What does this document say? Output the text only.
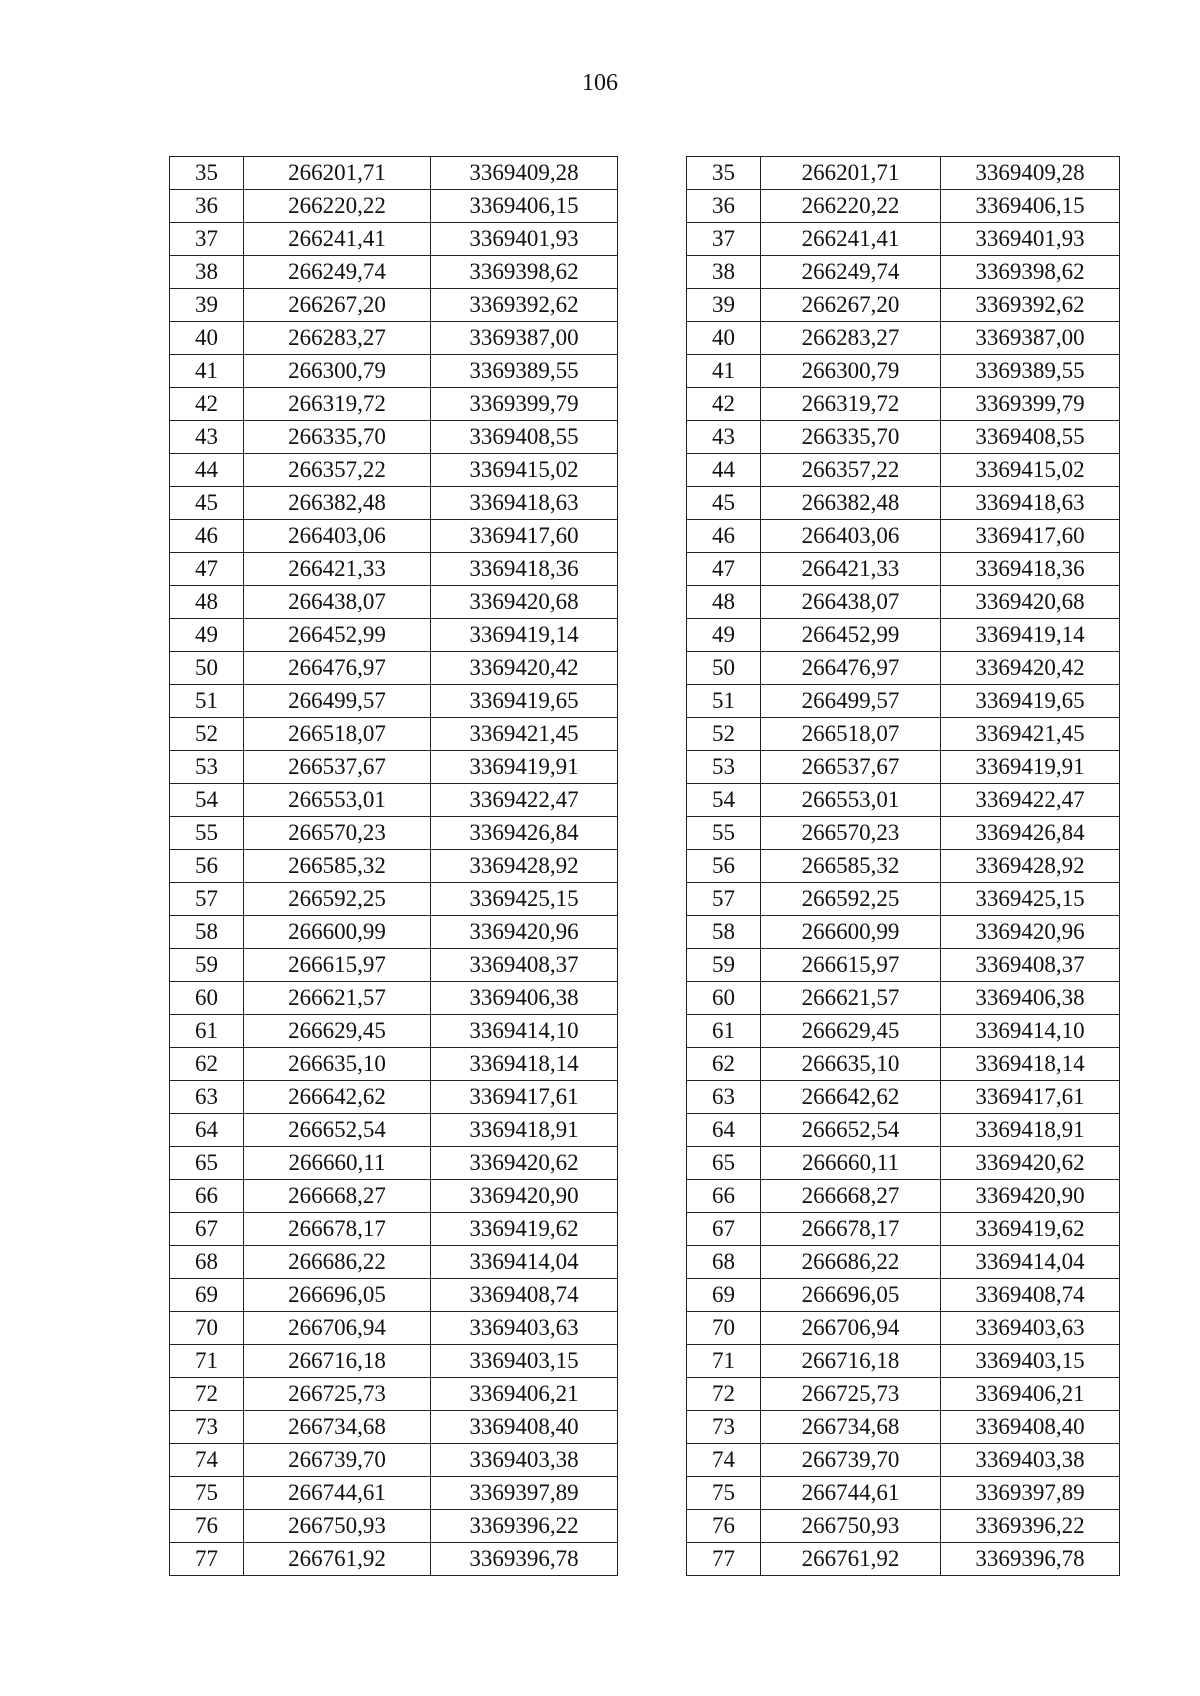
106
35	266201,71	3369409,28
36	266220,22	3369406,15
37	266241,41	3369401,93
38	266249,74	3369398,62
39	266267,20	3369392,62
40	266283,27	3369387,00
41	266300,79	3369389,55
42	266319,72	3369399,79
43	266335,70	3369408,55
44	266357,22	3369415,02
45	266382,48	3369418,63
46	266403,06	3369417,60
47	266421,33	3369418,36
48	266438,07	3369420,68
49	266452,99	3369419,14
50	266476,97	3369420,42
51	266499,57	3369419,65
52	266518,07	3369421,45
53	266537,67	3369419,91
54	266553,01	3369422,47
55	266570,23	3369426,84
56	266585,32	3369428,92
57	266592,25	3369425,15
58	266600,99	3369420,96
59	266615,97	3369408,37
60	266621,57	3369406,38
61	266629,45	3369414,10
62	266635,10	3369418,14
63	266642,62	3369417,61
64	266652,54	3369418,91
65	266660,11	3369420,62
66	266668,27	3369420,90
67	266678,17	3369419,62
68	266686,22	3369414,04
69	266696,05	3369408,74
70	266706,94	3369403,63
71	266716,18	3369403,15
72	266725,73	3369406,21
73	266734,68	3369408,40
74	266739,70	3369403,38
75	266744,61	3369397,89
76	266750,93	3369396,22
77	266761,92	3369396,78
35	266201,71	3369409,28
36	266220,22	3369406,15
37	266241,41	3369401,93
38	266249,74	3369398,62
39	266267,20	3369392,62
40	266283,27	3369387,00
41	266300,79	3369389,55
42	266319,72	3369399,79
43	266335,70	3369408,55
44	266357,22	3369415,02
45	266382,48	3369418,63
46	266403,06	3369417,60
47	266421,33	3369418,36
48	266438,07	3369420,68
49	266452,99	3369419,14
50	266476,97	3369420,42
51	266499,57	3369419,65
52	266518,07	3369421,45
53	266537,67	3369419,91
54	266553,01	3369422,47
55	266570,23	3369426,84
56	266585,32	3369428,92
57	266592,25	3369425,15
58	266600,99	3369420,96
59	266615,97	3369408,37
60	266621,57	3369406,38
61	266629,45	3369414,10
62	266635,10	3369418,14
63	266642,62	3369417,61
64	266652,54	3369418,91
65	266660,11	3369420,62
66	266668,27	3369420,90
67	266678,17	3369419,62
68	266686,22	3369414,04
69	266696,05	3369408,74
70	266706,94	3369403,63
71	266716,18	3369403,15
72	266725,73	3369406,21
73	266734,68	3369408,40
74	266739,70	3369403,38
75	266744,61	3369397,89
76	266750,93	3369396,22
77	266761,92	3369396,78
